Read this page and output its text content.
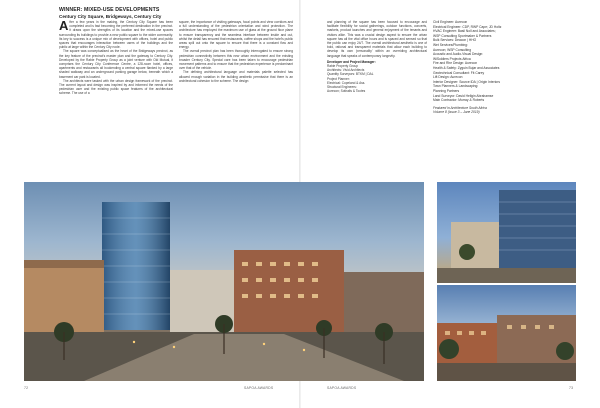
WINNER: MIXED-USE DEVELOPMENTS
Century City Square, Bridgeways, Century City
A fter a few years in the making, the Century City Square has been completed and is fast becoming the preferred destination in the precinct. It draws upon the strengths of its location and the mixed-use spaces surrounding its buildings to provide a new public square to the wider community. Its key to success is a unique mix of development with offices, hotel and public spaces that encourages interaction between users of the buildings and the public at large within the Century City node.

The square was conceptualised as the heart of the Bridgeways precinct, as the key feature of the precinct's master plan and the gateway to Century City. Developed by the Rabie Property Group as a joint venture with Old Mutual, it comprises the Century City Conference Centre, a 128-room hotel, offices, apartments and restaurants all bookending a central square flanked by a large shaded walkway and an underground parking garage below, beneath which a basement car park is located.

The architects were tasked with the urban design framework of the precinct. The current layout and design was inspired by and informed the needs of the pedestrian user and the existing public space features of the architectural scheme. The use of a

square, the importance of visiting gateways, focal points and view corridors and a full understanding of the pedestrian orientation and wind protection. The architecture has employed the maximum use of glass at the ground floor plane to ensure transparency and the seamless interface between inside and out, whilst the detail has ensured that restaurants, coffee shops and the hotel's public areas spill out onto the square to ensure that there is a constant flow and energy.

The overall precinct plan has been thoroughly interrogated to ensure strong pedestrian connectivity between this new urban environment and the existing broader Century City. Special care has been taken to encourage pedestrian movement patterns and to ensure that the pedestrian experience is predominant over that of the vehicle.

The defining architectural language and materials palette selected has allowed enough variation in the building aesthetic permissive that there is an architectural cohesion to the scheme. The design

72	SAPOA AWARDS

and planning of the square has been focused to encourage and facilitate flexibility for social gatherings, outdoor functions, concerts, markets, product launches and general enjoyment of the tenants and visitors alike. This was a crucial design aspect to ensure the urban square has all the vital office hours and is spaced and sensed so that the public can enjoy 24/7. The overall architectural aesthetic is one of bold, rational and transparent materials that allow each building to develop its own 'personality' within an overriding architectural language that speaks of contemporary longevity.

Developer and Project Manager:

Rabie Property Group

Architects: Vivid Architects

Quantity Surveyors: BTKM | DAL

Project Planner:

Electrical: Copeland & Ass.

Structural Engineers:

Aurecon; Sotiralis & Tootes

Civil Engineer: Aurecon
Electrical Engineer: CDP, RWP Cape; JD Holtz
HVAC Engineer: Basil Noll and Associates;
WSP Consulting Sportmaker & Partners
Bulk Services: Deacon | HHO
Wet Services/Plumbing:
Aurecon; WSP Consulting
Acoustic and Audio-Visual Design:
WiSoldiers Projects Africa
Fire and Rhe Design: Aurecon
Health & Safety: Zyguin Bujar and Associates
Geotechnical Consultant: Fit Carey
Lift Design: Aurecon
Interior Designer: Source iDA | Origin Interiors
Town Planners & Landscaping:
Planning Partners
Land Surveyor: David Hellgin Abrahamse
Main Contractor: Murray & Roberts
Featured in Architecture South Africa
Volume 8 (Issue 3 – June 2019)
SAPOA AWARDS	73
